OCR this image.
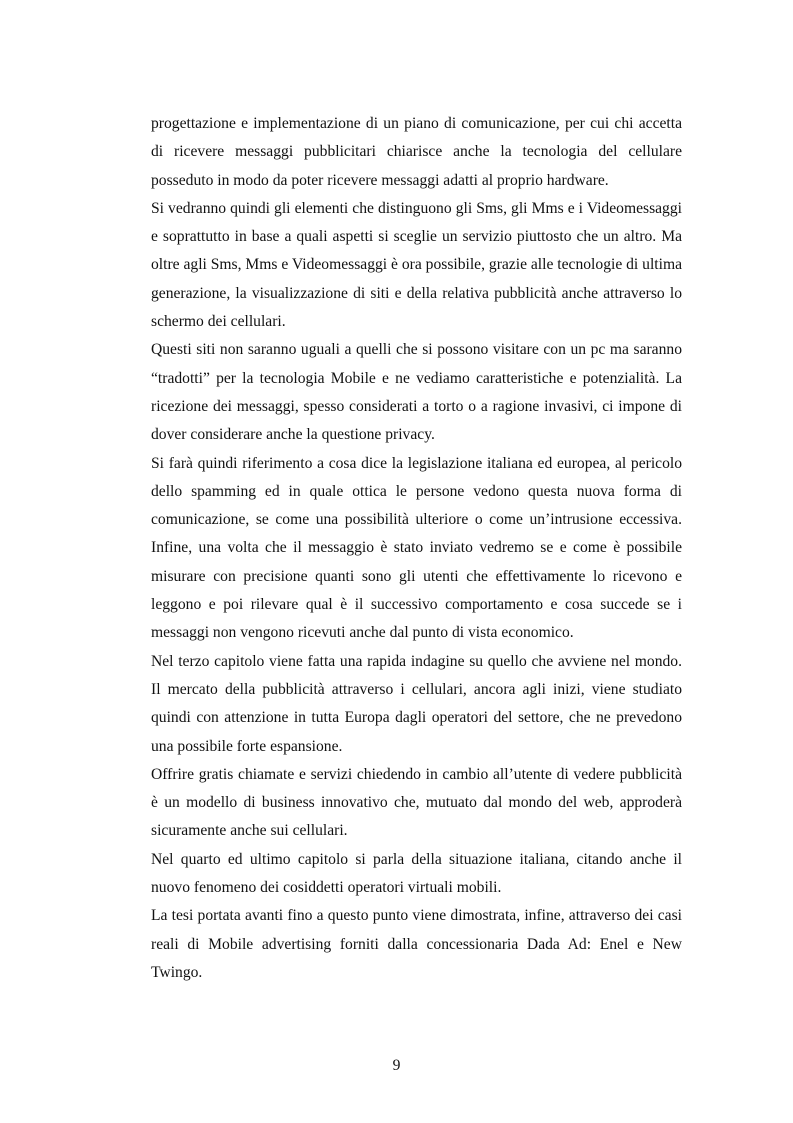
progettazione e implementazione di un piano di comunicazione, per cui chi accetta di ricevere messaggi pubblicitari chiarisce anche la tecnologia del cellulare posseduto in modo da poter ricevere messaggi adatti al proprio hardware.

Si vedranno quindi gli elementi che distinguono gli Sms, gli Mms e i Videomessaggi e soprattutto in base a quali aspetti si sceglie un servizio piuttosto che un altro. Ma oltre agli Sms, Mms e Videomessaggi è ora possibile, grazie alle tecnologie di ultima generazione, la visualizzazione di siti e della relativa pubblicità anche attraverso lo schermo dei cellulari.

Questi siti non saranno uguali a quelli che si possono visitare con un pc ma saranno “tradotti” per la tecnologia Mobile e ne vediamo caratteristiche e potenzialità. La ricezione dei messaggi, spesso considerati a torto o a ragione invasivi, ci impone di dover considerare anche la questione privacy.

Si farà quindi riferimento a cosa dice la legislazione italiana ed europea, al pericolo dello spamming ed in quale ottica le persone vedono questa nuova forma di comunicazione, se come una possibilità ulteriore o come un’intrusione eccessiva. Infine, una volta che il messaggio è stato inviato vedremo se e come è possibile misurare con precisione quanti sono gli utenti che effettivamente lo ricevono e leggono e poi rilevare qual è il successivo comportamento e cosa succede se i messaggi non vengono ricevuti anche dal punto di vista economico.

Nel terzo capitolo viene fatta una rapida indagine su quello che avviene nel mondo. Il mercato della pubblicità attraverso i cellulari, ancora agli inizi, viene studiato quindi con attenzione in tutta Europa dagli operatori del settore, che ne prevedono una possibile forte espansione.

Offrire gratis chiamate e servizi chiedendo in cambio all’utente di vedere pubblicità è un modello di business innovativo che, mutuato dal mondo del web, approderà sicuramente anche sui cellulari.

Nel quarto ed ultimo capitolo si parla della situazione italiana, citando anche il nuovo fenomeno dei cosiddetti operatori virtuali mobili.

La tesi portata avanti fino a questo punto viene dimostrata, infine, attraverso dei casi reali di Mobile advertising forniti dalla concessionaria Dada Ad: Enel e New Twingo.

9
